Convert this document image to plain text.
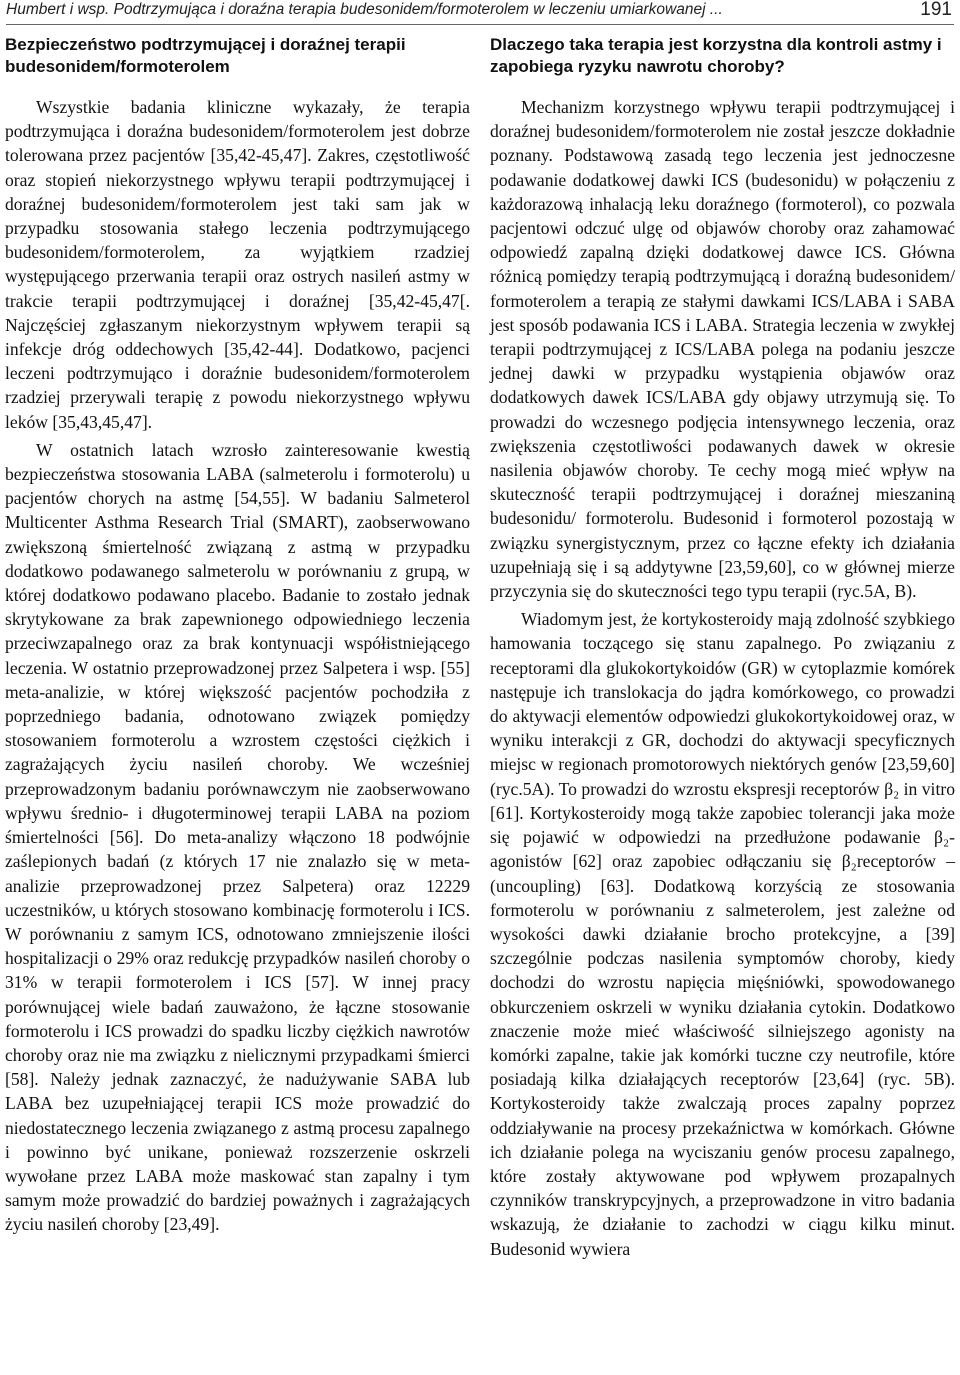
Humbert i wsp. Podtrzymująca i doraźna terapia budesonidem/formoterolem w leczeniu umiarkowanej ...	191
Bezpieczeństwo podtrzymującej i doraźnej terapii budesonidem/formoterolem

Wszystkie badania kliniczne wykazały, że terapia podtrzymująca i doraźna budesonidem/formoterolem jest dobrze tolerowana przez pacjentów [35,42-45,47]. Zakres, częstotliwość oraz stopień niekorzystnego wpływu terapii podtrzymującej i doraźnej budesonidem/formoterolem jest taki sam jak w przypadku stosowania stałego leczenia podtrzymującego budesonidem/formoterolem, za wyjątkiem rzadziej występującego przerwania terapii oraz ostrych nasileń astmy w trakcie terapii podtrzymującej i doraźnej [35,42-45,47[. Najczęściej zgłaszanym niekorzystnym wpływem terapii są infekcje dróg oddechowych [35,42-44]. Dodatkowo, pacjenci leczeni podtrzymująco i doraźnie budesonidem/formoterolem rzadziej przerywali terapię z powodu niekorzystnego wpływu leków [35,43,45,47].

W ostatnich latach wzrosło zainteresowanie kwestią bezpieczeństwa stosowania LABA (salmeterolu i formoterolu) u pacjentów chorych na astmę [54,55]. W badaniu Salmeterol Multicenter Asthma Research Trial (SMART), zaobserwowano zwiększoną śmiertelność związaną z astmą w przypadku dodatkowo podawanego salmeterolu w porównaniu z grupą, w której dodatkowo podawano placebo. Badanie to zostało jednak skrytykowane za brak zapewnionego odpowiedniego leczenia przeciwzapalnego oraz za brak kontynuacji współistniejącego leczenia. W ostatnio przeprowadzonej przez Salpetera i wsp. [55] meta-analizie, w której większość pacjentów pochodziła z poprzedniego badania, odnotowano związek pomiędzy stosowaniem formoterolu a wzrostem częstości ciężkich i zagrażających życiu nasileń choroby. We wcześniej przeprowadzonym badaniu porównawczym nie zaobserwowano wpływu średnio- i długoterminowej terapii LABA na poziom śmiertelności [56]. Do meta-analizy włączono 18 podwójnie zaślepionych badań (z których 17 nie znalazło się w meta-analizie przeprowadzonej przez Salpetera) oraz 12229 uczestników, u których stosowano kombinację formoterolu i ICS. W porównaniu z samym ICS, odnotowano zmniejszenie ilości hospitalizacji o 29% oraz redukcję przypadków nasileń choroby o 31% w terapii formoterolem i ICS [57]. W innej pracy porównującej wiele badań zauważono, że łączne stosowanie formoterolu i ICS prowadzi do spadku liczby ciężkich nawrotów choroby oraz nie ma związku z nielicznymi przypadkami śmierci [58]. Należy jednak zaznaczyć, że nadużywanie SABA lub LABA bez uzupełniającej terapii ICS może prowadzić do niedostatecznego leczenia związanego z astmą procesu zapalnego i powinno być unikane, ponieważ rozszerzenie oskrzeli wywołane przez LABA może maskować stan zapalny i tym samym może prowadzić do bardziej poważnych i zagrażających życiu nasileń choroby [23,49].

Dlaczego taka terapia jest korzystna dla kontroli astmy i zapobiega ryzyku nawrotu choroby?

Mechanizm korzystnego wpływu terapii podtrzymującej i doraźnej budesonidem/formoterolem nie został jeszcze dokładnie poznany. Podstawową zasadą tego leczenia jest jednoczesne podawanie dodatkowej dawki ICS (budesonidu) w połączeniu z każdorazową inhalacją leku doraźnego (formoterol), co pozwala pacjentowi odczuć ulgę od objawów choroby oraz zahamować odpowiedź zapalną dzięki dodatkowej dawce ICS. Główna różnicą pomiędzy terapią podtrzymującą i doraźną budesonidem/ formoterolem a terapią ze stałymi dawkami ICS/LABA i SABA jest sposób podawania ICS i LABA. Strategia leczenia w zwykłej terapii podtrzymującej z ICS/LABA polega na podaniu jeszcze jednej dawki w przypadku wystąpienia objawów oraz dodatkowych dawek ICS/LABA gdy objawy utrzymują się. To prowadzi do wczesnego podjęcia intensywnego leczenia, oraz zwiększenia częstotliwości podawanych dawek w okresie nasilenia objawów choroby. Te cechy mogą mieć wpływ na skuteczność terapii podtrzymującej i doraźnej mieszaniną budesonidu/ formoterolu. Budesonid i formoterol pozostają w związku synergistycznym, przez co łączne efekty ich działania uzupełniają się i są addytywne [23,59,60], co w głównej mierze przyczynia się do skuteczności tego typu terapii (ryc.5A, B).

Wiadomym jest, że kortykosteroidy mają zdolność szybkiego hamowania toczącego się stanu zapalnego. Po związaniu z receptorami dla glukokortykoidów (GR) w cytoplazmie komórek następuje ich translokacja do jądra komórkowego, co prowadzi do aktywacji elementów odpowiedzi glukokortykoidowej oraz, w wyniku interakcji z GR, dochodzi do aktywacji specyficznych miejsc w regionach promotorowych niektórych genów [23,59,60] (ryc.5A). To prowadzi do wzrostu ekspresji receptorów β₂ in vitro [61]. Kortykosteroidy mogą także zapobiec tolerancji jaka może się pojawić w odpowiedzi na przedłużone podawanie β₂-agonistów [62] oraz zapobiec odłączaniu się β₂receptorów – (uncoupling) [63]. Dodatkową korzyścią ze stosowania formoterolu w porównaniu z salmeterolem, jest zależne od wysokości dawki działanie brocho protekcyjne, a [39] szczególnie podczas nasilenia symptomów choroby, kiedy dochodzi do wzrostu napięcia mięśniówki, spowodowanego obkurczeniem oskrzeli w wyniku działania cytokin. Dodatkowo znaczenie może mieć właściwość silniejszego agonisty na komórki zapalne, takie jak komórki tuczne czy neutrofile, które posiadają kilka działających receptorów [23,64] (ryc. 5B). Kortykosteroidy także zwalczają proces zapalny poprzez oddziaływanie na procesy przekaźnictwa w komórkach. Główne ich działanie polega na wyciszaniu genów procesu zapalnego, które zostały aktywowane pod wpływem prozapalnych czynników transkrypcyjnych, a przeprowadzone in vitro badania wskazują, że działanie to zachodzi w ciągu kilku minut. Budesonid wywiera
